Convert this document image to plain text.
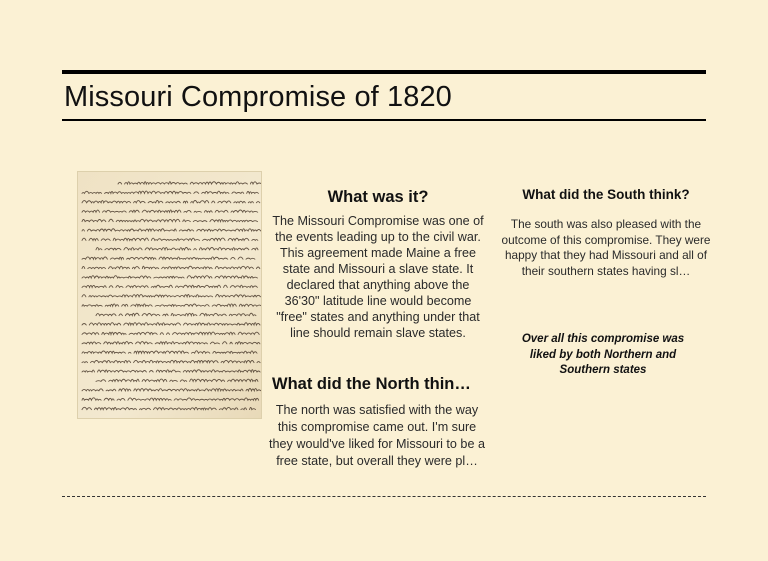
Missouri Compromise of 1820
What was it?

The Missouri Compromise was one of the events leading up to the civil war. This agreement made Maine a free state and Missouri a slave state. It declared that anything above the 36'30" latitude line would become "free" states and anything under that line should remain slave states.

What did the North thin…

The north was satisfied with the way this compromise came out. I'm sure they would've liked for Missouri to be a free state, but overall they were pl…

What did the South think?

The south was also pleased with the outcome of this compromise. They were happy that they had Missouri and all of their southern states having sl…

Over all this compromise was liked by both Northern and Southern states
